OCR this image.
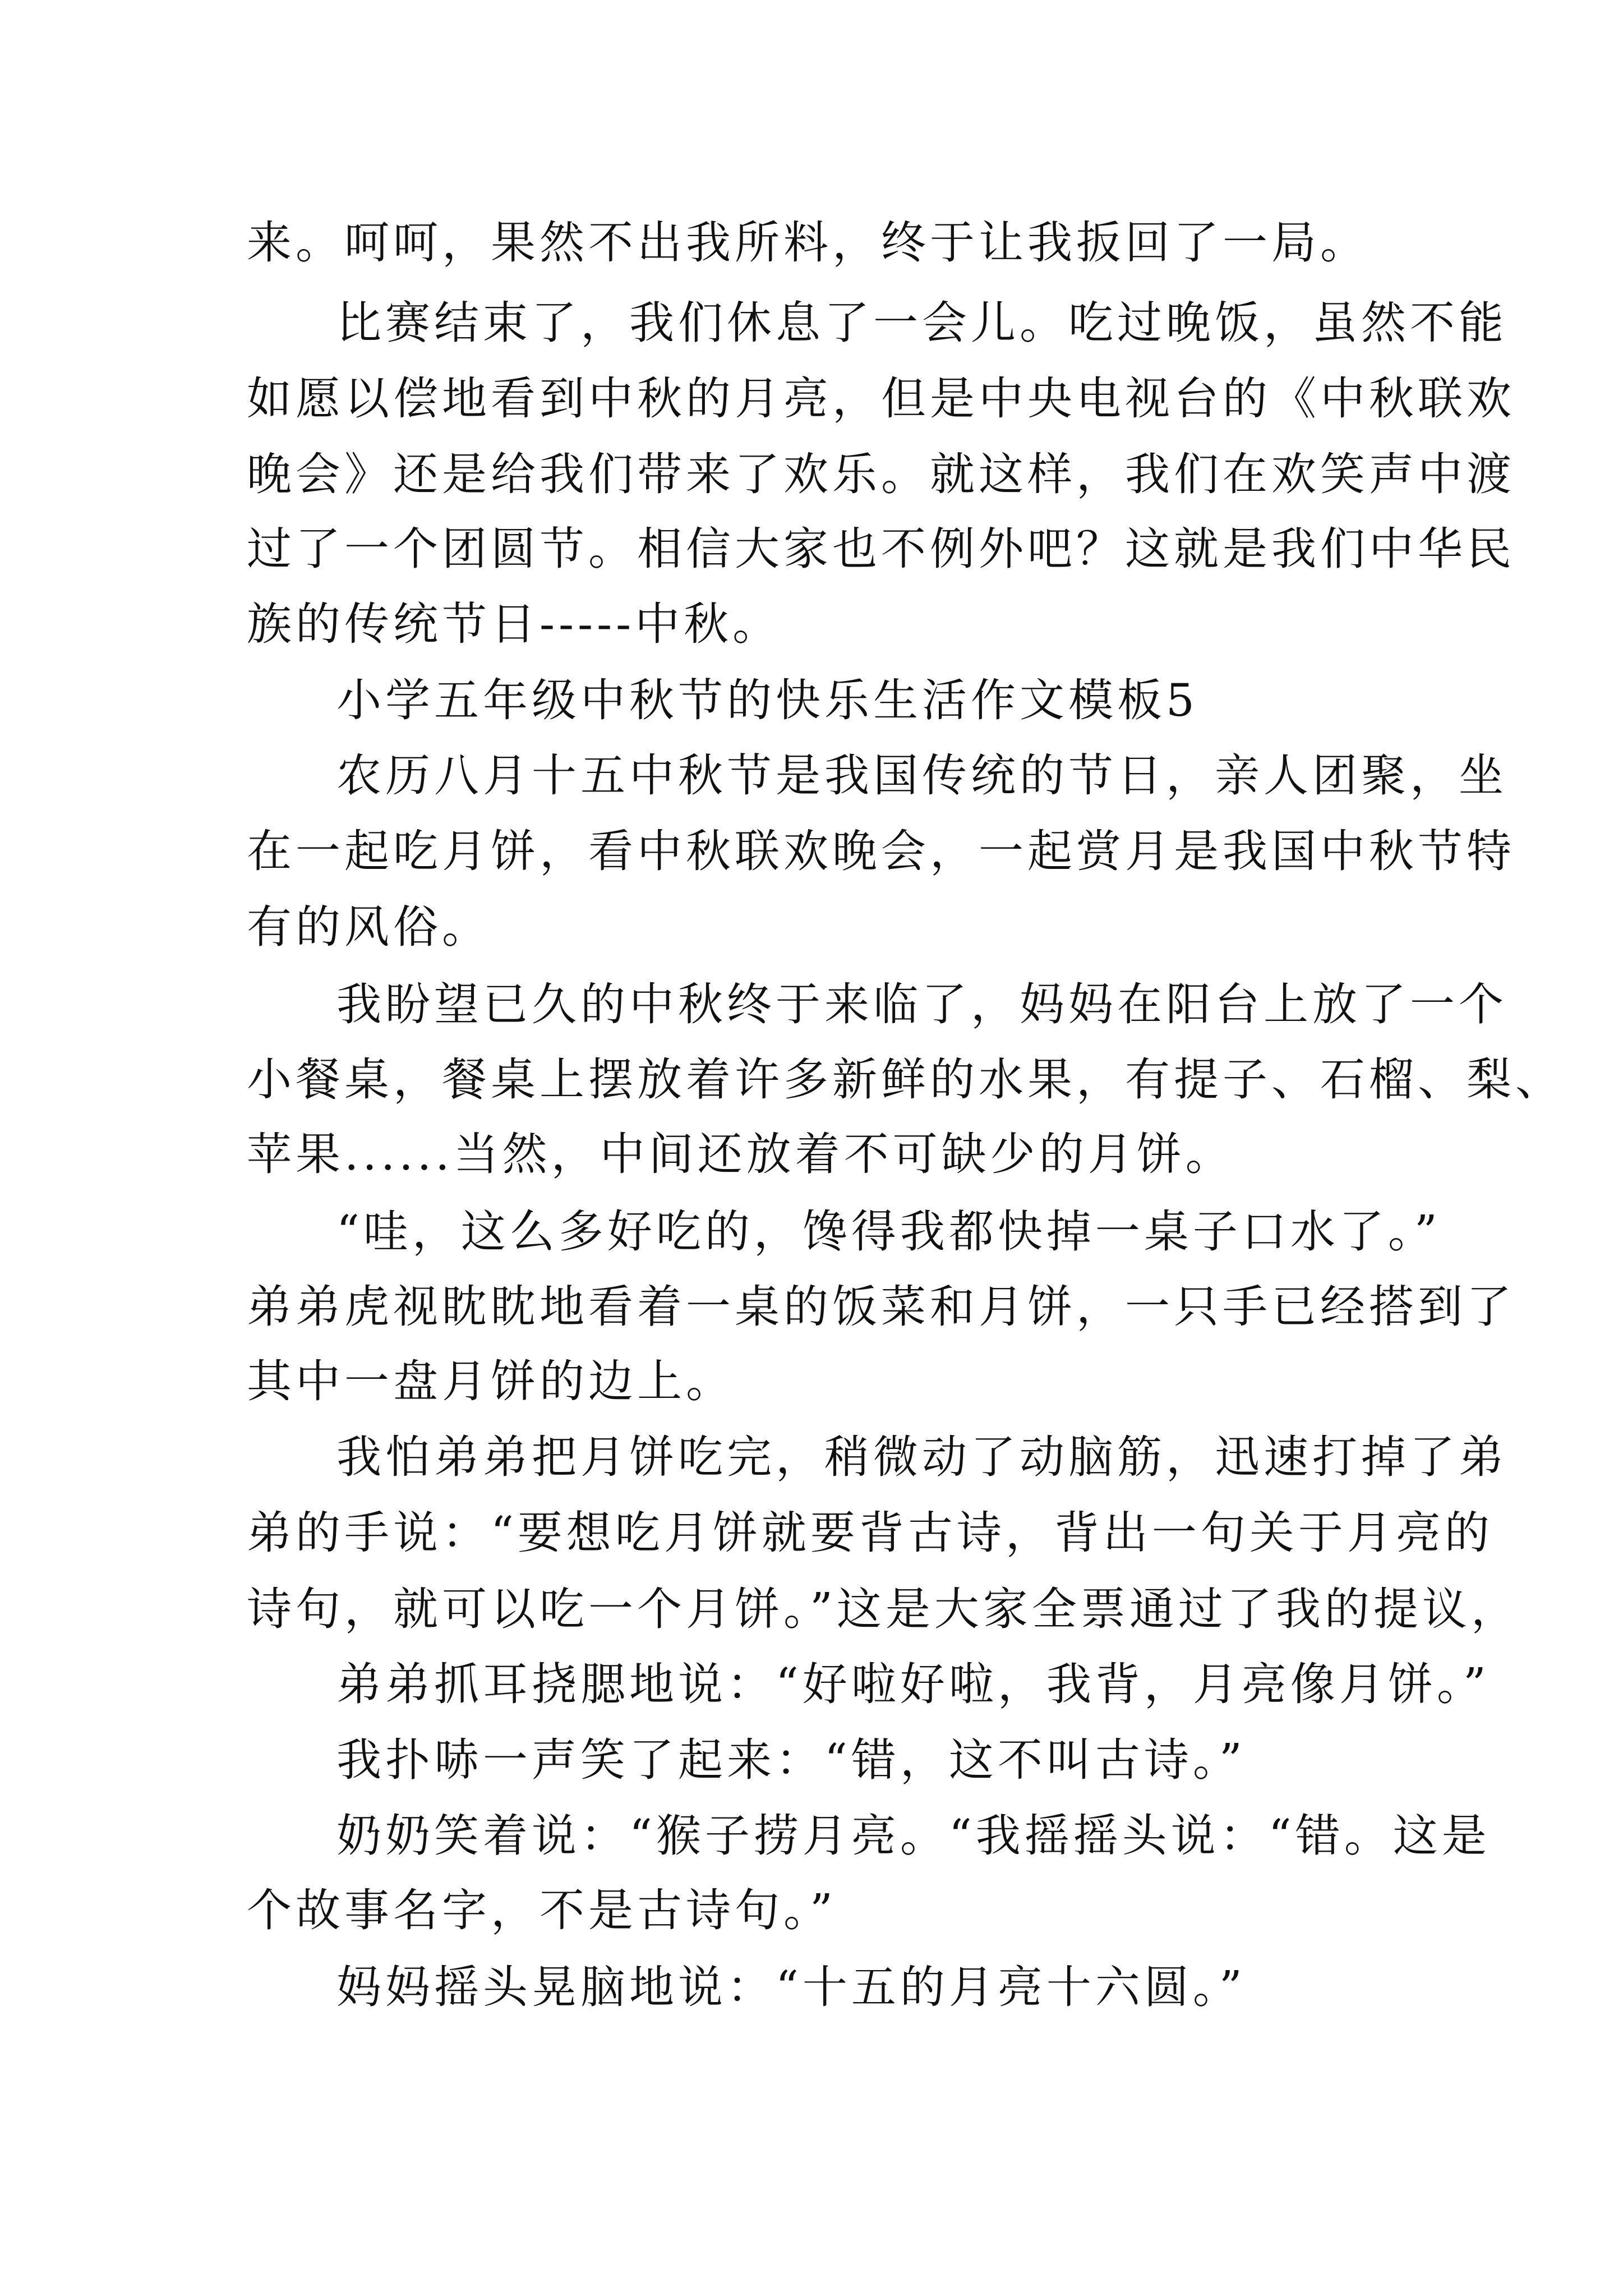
来。呵呵，果然不出我所料，终于让我扳回了一局。
比赛结束了，我们休息了一会儿。吃过晚饭，虽然不能
如愿以偿地看到中秋的月亮，但是中央电视台的《中秋联欢
晚会》还是给我们带来了欢乐。就这样，我们在欢笑声中渡
过了一个团圆节。相信大家也不例外吧？这就是我们中华民
族的传统节日-----中秋。
小学五年级中秋节的快乐生活作文模板5
农历八月十五中秋节是我国传统的节日，亲人团聚，坐
在一起吃月饼，看中秋联欢晚会，一起赏月是我国中秋节特
有的风俗。
我盼望已久的中秋终于来临了，妈妈在阳台上放了一个
小餐桌，餐桌上摆放着许多新鲜的水果，有提子、石榴、梨、
苹果......当然，中间还放着不可缺少的月饼。
“哇，这么多好吃的，馋得我都快掉一桌子口水了。”
弟弟虎视眈眈地看着一桌的饭菜和月饼，一只手已经搭到了
其中一盘月饼的边上。
我怕弟弟把月饼吃完，稍微动了动脑筋，迅速打掉了弟
弟的手说：“要想吃月饼就要背古诗，背出一句关于月亮的
诗句，就可以吃一个月饼。”这是大家全票通过了我的提议，
弟弟抓耳挠腮地说：“好啦好啦，我背，月亮像月饼。”
我扑哧一声笑了起来：“错，这不叫古诗。”
奶奶笑着说：“猴子捞月亮。“我摇摇头说：“错。这是
个故事名字，不是古诗句。”
妈妈摇头晃脑地说：“十五的月亮十六圆。”
